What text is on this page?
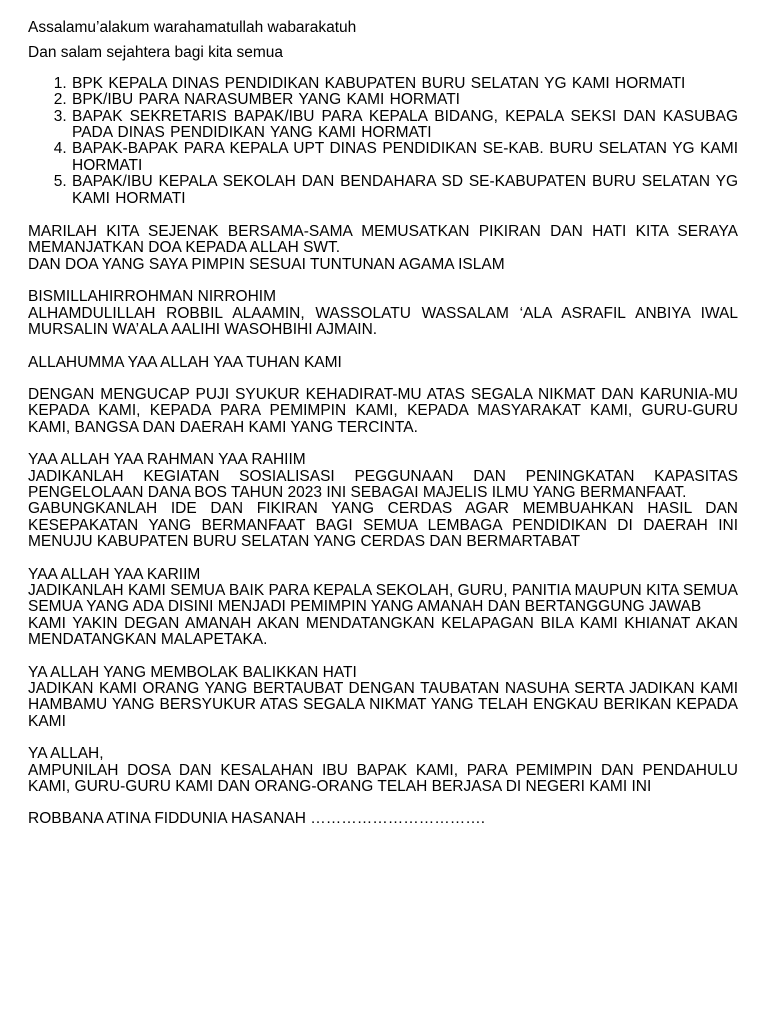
Assalamu’alakum warahamatullah wabarakatuh

Dan salam sejahtera bagi kita semua

1. BPK KEPALA DINAS PENDIDIKAN KABUPATEN BURU SELATAN YG KAMI HORMATI
2. BPK/IBU PARA NARASUMBER YANG KAMI HORMATI
3. BAPAK SEKRETARIS BAPAK/IBU PARA KEPALA BIDANG, KEPALA SEKSI DAN KASUBAG PADA DINAS PENDIDIKAN YANG KAMI HORMATI
4. BAPAK-BAPAK PARA KEPALA UPT DINAS PENDIDIKAN SE-KAB. BURU SELATAN YG KAMI HORMATI
5. BAPAK/IBU KEPALA SEKOLAH DAN BENDAHARA SD SE-KABUPATEN BURU SELATAN YG KAMI HORMATI
MARILAH KITA SEJENAK BERSAMA-SAMA MEMUSATKAN PIKIRAN DAN HATI KITA SERAYA MEMANJATKAN DOA KEPADA ALLAH SWT.
DAN DOA YANG SAYA PIMPIN SESUAI TUNTUNAN AGAMA ISLAM
BISMILLAHIRROHMAN NIRROHIM
ALHAMDULILLAH ROBBIL ALAAMIN, WASSOLATU WASSALAM ‘ALA ASRAFIL ANBIYA IWAL MURSALIN WA’ALA AALIHI WASOHBIHI AJMAIN.
ALLAHUMMA YAA ALLAH YAA TUHAN KAMI
DENGAN MENGUCAP PUJI SYUKUR KEHADIRAT-MU ATAS SEGALA NIKMAT DAN KARUNIA-MU KEPADA KAMI, KEPADA PARA PEMIMPIN KAMI, KEPADA MASYARAKAT KAMI, GURU-GURU KAMI, BANGSA DAN DAERAH KAMI YANG TERCINTA.
YAA ALLAH YAA RAHMAN YAA RAHIIM
JADIKANLAH KEGIATAN SOSIALISASI PEGGUNAAN DAN PENINGKATAN KAPASITAS PENGELOLAAN DANA BOS TAHUN 2023 INI SEBAGAI MAJELIS ILMU YANG BERMANFAAT.
GABUNGKANLAH IDE DAN FIKIRAN YANG CERDAS AGAR MEMBUAHKAN HASIL DAN KESEPAKATAN YANG BERMANFAAT BAGI SEMUA LEMBAGA PENDIDIKAN DI DAERAH INI MENUJU KABUPATEN BURU SELATAN YANG CERDAS DAN BERMARTABAT
YAA ALLAH YAA KARIIM
JADIKANLAH KAMI SEMUA BAIK PARA KEPALA SEKOLAH, GURU, PANITIA MAUPUN KITA SEMUA SEMUA YANG ADA DISINI MENJADI PEMIMPIN YANG AMANAH DAN BERTANGGUNG JAWAB
KAMI YAKIN DEGAN AMANAH AKAN MENDATANGKAN KELAPAGAN BILA KAMI KHIANAT AKAN MENDATANGKAN MALAPETAKA.
YA ALLAH YANG MEMBOLAK BALIKKAN HATI
JADIKAN KAMI ORANG YANG BERTAUBAT DENGAN TAUBATAN NASUHA SERTA JADIKAN KAMI HAMBAMU YANG BERSYUKUR ATAS SEGALA NIKMAT YANG TELAH ENGKAU BERIKAN KEPADA KAMI
YA ALLAH,
AMPUNILAH DOSA DAN KESALAHAN IBU BAPAK KAMI, PARA PEMIMPIN DAN PENDAHULU KAMI, GURU-GURU KAMI DAN ORANG-ORANG TELAH BERJASA DI NEGERI KAMI INI

ROBBANA ATINA FIDDUNIA HASANAH …………………………….
